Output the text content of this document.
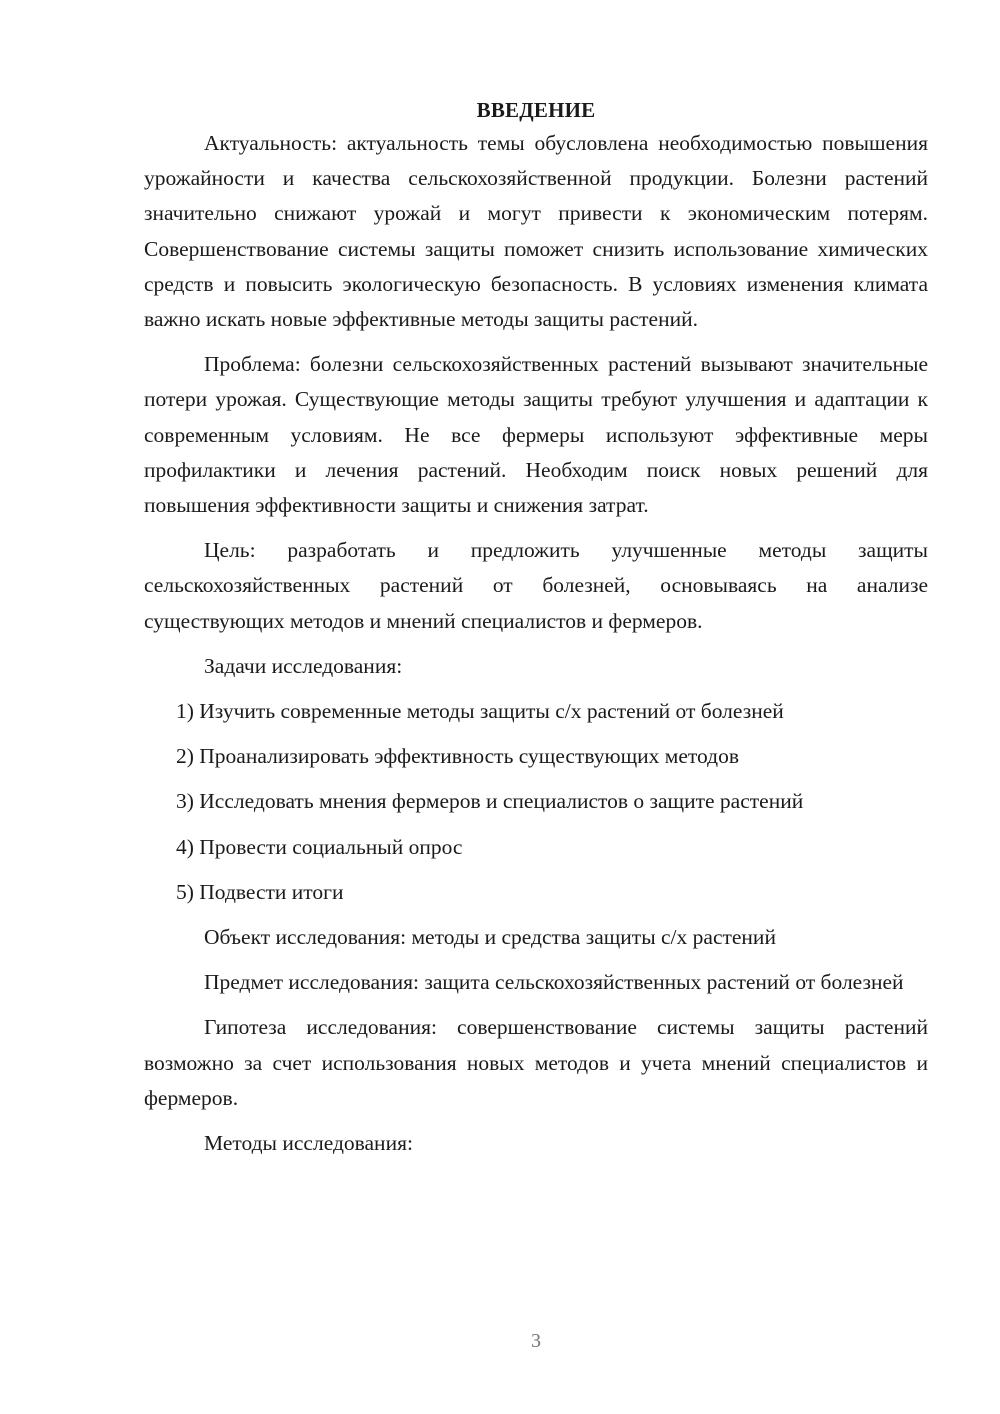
ВВЕДЕНИЕ

Актуальность: актуальность темы обусловлена необходимостью повышения урожайности и качества сельскохозяйственной продукции. Болезни растений значительно снижают урожай и могут привести к экономическим потерям. Совершенствование системы защиты поможет снизить использование химических средств и повысить экологическую безопасность. В условиях изменения климата важно искать новые эффективные методы защиты растений.

Проблема: болезни сельскохозяйственных растений вызывают значительные потери урожая. Существующие методы защиты требуют улучшения и адаптации к современным условиям. Не все фермеры используют эффективные меры профилактики и лечения растений. Необходим поиск новых решений для повышения эффективности защиты и снижения затрат.

Цель: разработать и предложить улучшенные методы защиты сельскохозяйственных растений от болезней, основываясь на анализе существующих методов и мнений специалистов и фермеров.

Задачи исследования:

1) Изучить современные методы защиты с/х растений от болезней
2) Проанализировать эффективность существующих методов
3) Исследовать мнения фермеров и специалистов о защите растений
4) Провести социальный опрос
5) Подвести итоги

Объект исследования: методы и средства защиты с/х растений

Предмет исследования: защита сельскохозяйственных растений от болезней

Гипотеза исследования: совершенствование системы защиты растений возможно за счет использования новых методов и учета мнений специалистов и фермеров.

Методы исследования:

3
